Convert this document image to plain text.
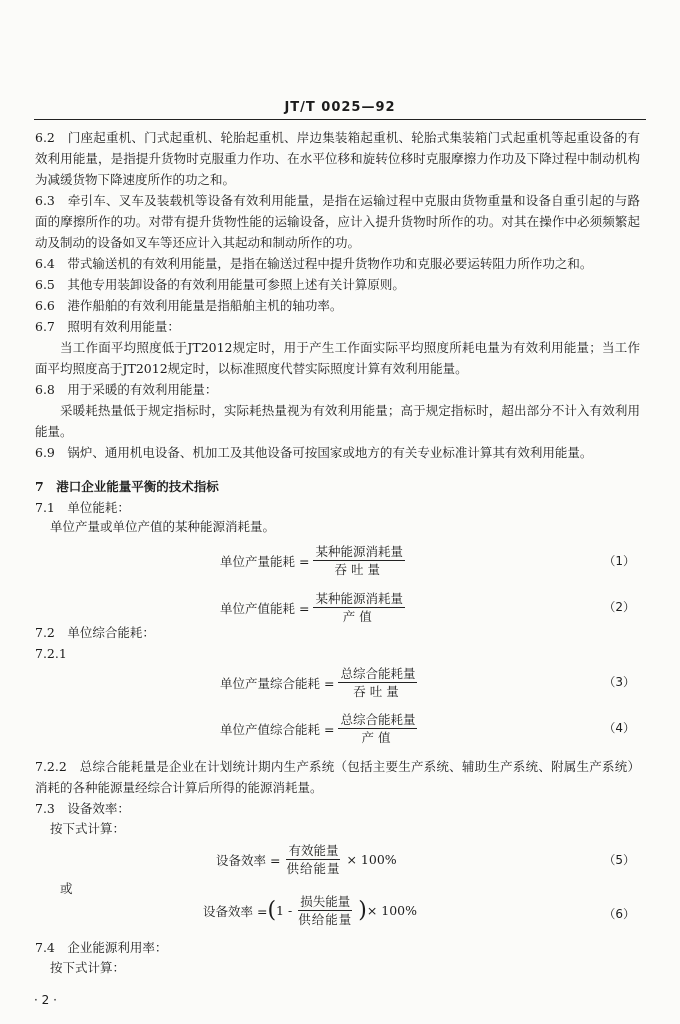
JT/T 0025—92

6.2　门座起重机、门式起重机、轮胎起重机、岸边集装箱起重机、轮胎式集装箱门式起重机等起重设备的有效利用能量，是指提升货物时克服重力作功、在水平位移和旋转位移时克服摩擦力作功及下降过程中制动机构为减缓货物下降速度所作的功之和。

6.3　牵引车、叉车及装载机等设备有效利用能量，是指在运输过程中克服由货物重量和设备自重引起的与路面的摩擦所作的功。对带有提升货物性能的运输设备，应计入提升货物时所作的功。对其在操作中必须频繁起动及制动的设备如叉车等还应计入其起动和制动所作的功。

6.4　带式输送机的有效利用能量，是指在输送过程中提升货物作功和克服必要运转阻力所作功之和。

6.5　其他专用装卸设备的有效利用能量可参照上述有关计算原则。

6.6　港作船舶的有效利用能量是指船舶主机的轴功率。

6.7　照明有效利用能量：

当工作面平均照度低于JT2012规定时，用于产生工作面实际平均照度所耗电量为有效利用能量；当工作面平均照度高于JT2012规定时，以标准照度代替实际照度计算有效利用能量。

6.8　用于采暖的有效利用能量：

采暖耗热量低于规定指标时，实际耗热量视为有效利用能量；高于规定指标时，超出部分不计入有效利用能量。

6.9　锅炉、通用机电设备、机加工及其他设备可按国家或地方的有关专业标准计算其有效利用能量。

7　港口企业能量平衡的技术指标

7.1　单位能耗：

单位产量或单位产值的某种能源消耗量。

单位产量能耗 = $\frac{\text{某种能源消耗量}}{\text{吞吐量}}$	（1）
单位产值能耗 = $\frac{\text{某种能源消耗量}}{\text{产值}}$	（2）

7.2　单位综合能耗：

7.2.1

单位产量综合能耗 = $\frac{\text{总综合能耗量}}{\text{吞吐量}}$	（3）
单位产值综合能耗 = $\frac{\text{总综合能耗量}}{\text{产值}}$	（4）

7.2.2　总综合能耗量是企业在计划统计期内生产系统（包括主要生产系统、辅助生产系统、附属生产系统）消耗的各种能源量经综合计算后所得的能源消耗量。

7.3　设备效率：

按下式计算：

设备效率 = $\frac{\text{有效能量}}{\text{供给能量}} \times 100\%$	（5）

或

设备效率 = ( $1 - \frac{\text{损失能量}}{\text{供给能量}}$ ) × 100%	（6）

7.4　企业能源利用率：

按下式计算：

· 2 ·
